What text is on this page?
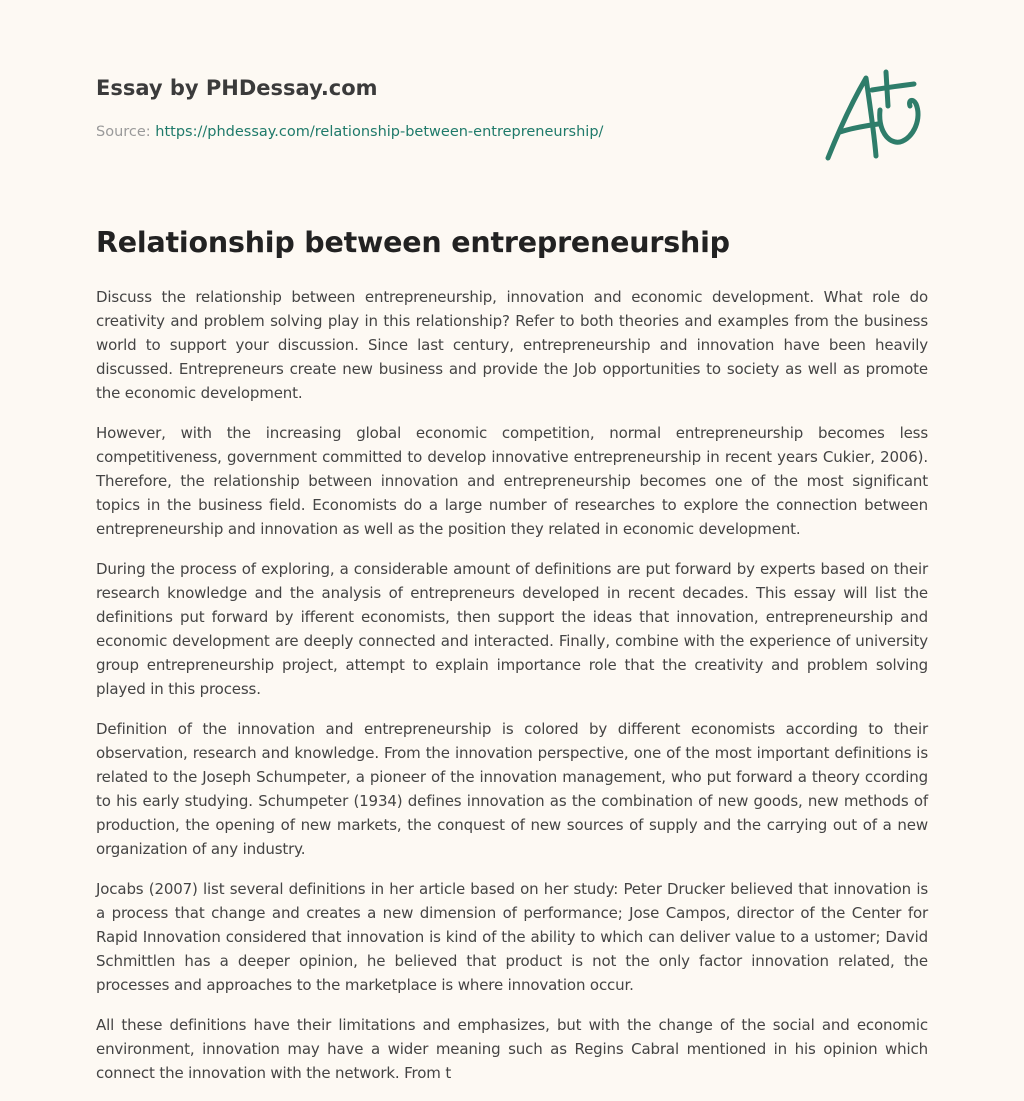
Essay by PHDessay.com

Source: https://phdessay.com/relationship-between-entrepreneurship/

Relationship between entrepreneurship

Discuss the relationship between entrepreneurship, innovation and economic development. What role do creativity and problem solving play in this relationship? Refer to both theories and examples from the business world to support your discussion. Since last century, entrepreneurship and innovation have been heavily discussed. Entrepreneurs create new business and provide the Job opportunities to society as well as promote the economic development.

However, with the increasing global economic competition, normal entrepreneurship becomes less competitiveness, government committed to develop innovative entrepreneurship in recent years Cukier, 2006). Therefore, the relationship between innovation and entrepreneurship becomes one of the most significant topics in the business field. Economists do a large number of researches to explore the connection between entrepreneurship and innovation as well as the position they related in economic development.

During the process of exploring, a considerable amount of definitions are put forward by experts based on their research knowledge and the analysis of entrepreneurs developed in recent decades. This essay will list the definitions put forward by ifferent economists, then support the ideas that innovation, entrepreneurship and economic development are deeply connected and interacted. Finally, combine with the experience of university group entrepreneurship project, attempt to explain importance role that the creativity and problem solving played in this process.

Definition of the innovation and entrepreneurship is colored by different economists according to their observation, research and knowledge. From the innovation perspective, one of the most important definitions is related to the Joseph Schumpeter, a pioneer of the innovation management, who put forward a theory ccording to his early studying. Schumpeter (1934) defines innovation as the combination of new goods, new methods of production, the opening of new markets, the conquest of new sources of supply and the carrying out of a new organization of any industry.

Jocabs (2007) list several definitions in her article based on her study: Peter Drucker believed that innovation is a process that change and creates a new dimension of performance; Jose Campos, director of the Center for Rapid Innovation considered that innovation is kind of the ability to which can deliver value to a ustomer; David Schmittlen has a deeper opinion, he believed that product is not the only factor innovation related, the processes and approaches to the marketplace is where innovation occur.

All these definitions have their limitations and emphasizes, but with the change of the social and economic environment, innovation may have a wider meaning such as Regins Cabral mentioned in his opinion which connect the innovation with the network. From t
